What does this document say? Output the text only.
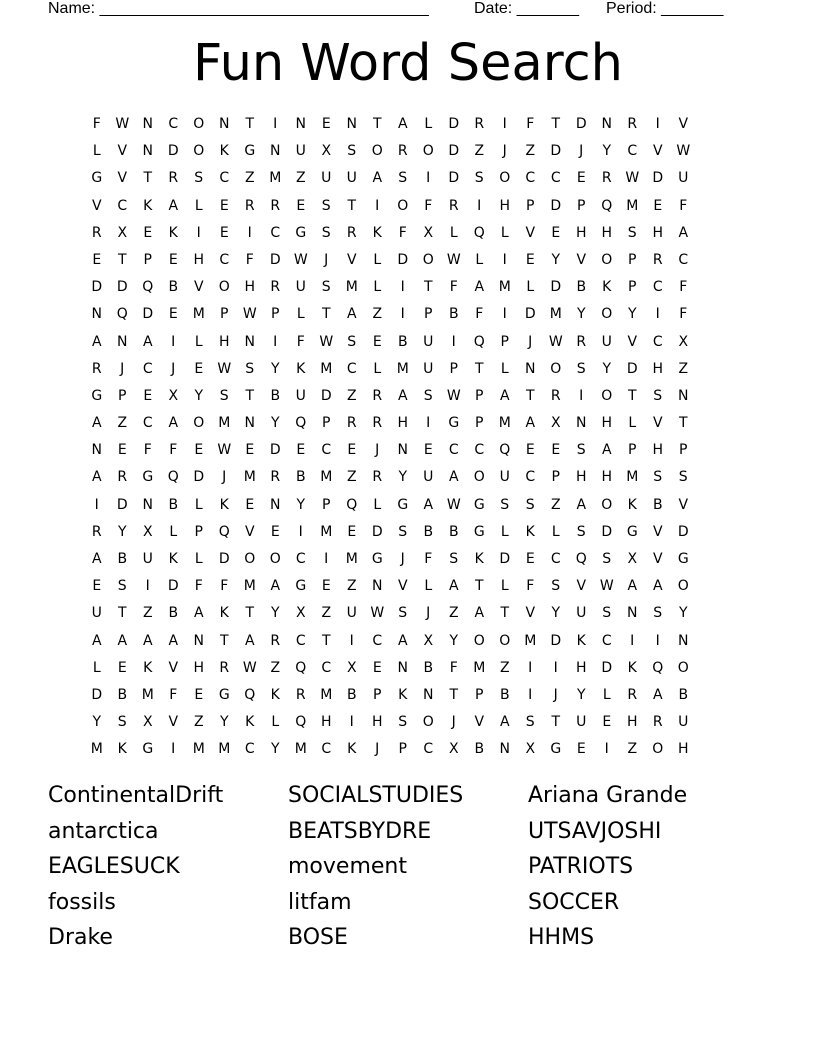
Name: _____________________________________	Date: _______ Period: _______
Fun Word Search
F	W N	C	O	N	T	I	N	E	N	T	A	L	D	R	I	F	T	D	N	R	I	V
L	V	N	D	O	K	G	N	U	X	S	O	R	O	D	Z	J	Z	D	J	Y	C	V W
G	V	T	R	S	C	Z	M	Z	U	U	A	S	I	D	S	O	C	C	E	R W D	U
V	C	K	A	L	E	R	R	E	S	T	I	O	F	R	I	H	P	D	P	Q M	E	F
R	X	E	K	I	E	I	C	G	S	R	K	F	X	L	Q	L	V	E	H	H	S	H	A
E	T	P	E	H	C	F	D W	J	V	L	D	O W	L	I	E	Y	V	O	P	R	C
D	D	Q	B	V	O	H	R	U	S	M	L	I	T	F	A	M	L	D	B	K	P	C	F
N	Q	D	E	M	P	W	P	L	T	A	Z	I	P	B	F	I	D	M	Y	O	Y	I	F
A	N	A	I	L	H	N	I	F	W	S	E	B	U	I	Q	P	J	W R	U	V	C	X
R	J	C	J	E	W	S	Y	K	M	C	L	M	U	P	T	L	N	O	S	Y	D	H	Z
G	P	E	X	Y	S	T	B	U	D	Z	R	A	S	W	P	A	T	R	I	O	T	S	N
A	Z	C	A	O M	N	Y	Q	P	R	R	H	I	G	P	M	A	X	N	H	L	V	T
N	E	F	F	E	W	E	D	E	C	E	J	N	E	C	C	Q	E	E	S	A	P	H	P
A	R	G	Q	D	J	M	R	B	M	Z	R	Y	U	A	O	U	C	P	H	H	M	S	S
I	D	N	B	L	K	E	N	Y	P	Q	L	G	A W G	S	S	Z	A	O	K	B	V
R	Y	X	L	P	Q	V	E	I	M	E	D	S	B	B	G	L	K	L	S	D	G	V	D
A	B	U	K	L	D	O	O	C	I	M	G	J	F	S	K	D	E	C	Q	S	X	V	G
E	S	I	D	F	F	M	A	G	E	Z	N	V	L	A	T	L	F	S	V W A	A	O
U	T	Z	B	A	K	T	Y	X	Z	U W	S	J	Z	A	T	V	Y	U	S	N	S	Y
A	A	A	A	N	T	A	R	C	T	I	C	A	X	Y	O	O M	D	K	C	I	I	N
L	E	K	V	H	R W Z	Q	C	X	E	N	B	F	M	Z	I	I	H	D	K	Q	O
D	B	M	F	E	G	Q	K	R	M	B	P	K	N	T	P	B	I	J	Y	L	R	A	B
Y	S	X	V	Z	Y	K	L	Q	H	I	H	S	O	J	V	A	S	T	U	E	H	R	U
M	K	G	I	M M	C	Y	M	C	K	J	P	C	X	B	N	X	G	E	I	Z	O	H
ContinentalDrift
antarctica
EAGLESUCK
fossils
Drake
SOCIALSTUDIES
BEATSBYDRE
movement
litfam
BOSE
Ariana Grande
UTSAVJOSHI
PATRIOTS
SOCCER
HHMS
